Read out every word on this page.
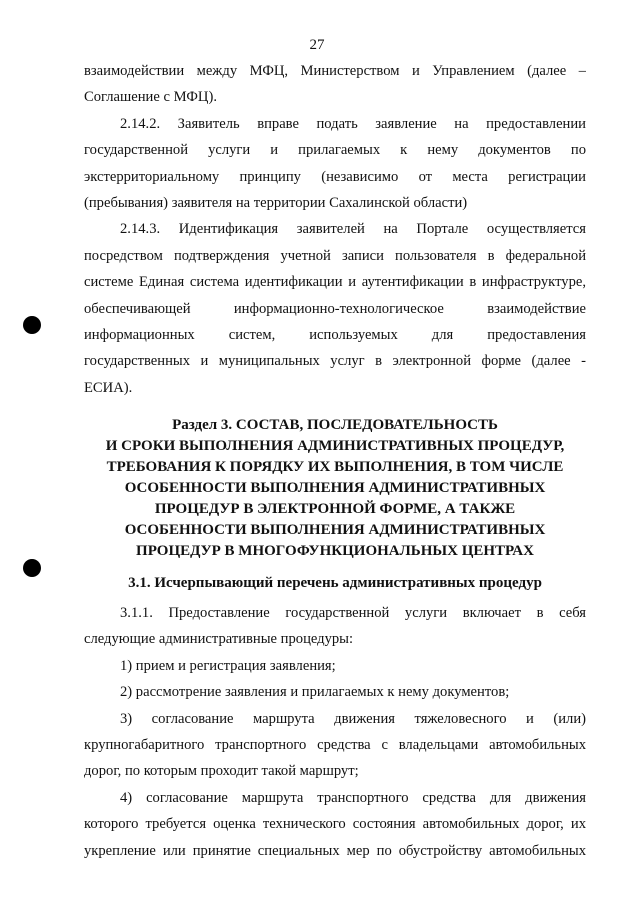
27
взаимодействии между МФЦ, Министерством и Управлением (далее –
Соглашение с МФЦ).
2.14.2. Заявитель вправе подать заявление на предоставлении
государственной услуги и прилагаемых к нему документов по
экстерриториальному принципу (независимо от места регистрации
(пребывания) заявителя на территории Сахалинской области)
2.14.3. Идентификация заявителей на Портале осуществляется
посредством подтверждения учетной записи пользователя в федеральной
системе Единая система идентификации и аутентификации в инфраструктуре,
обеспечивающей информационно-технологическое взаимодействие
информационных систем, используемых для предоставления
государственных и муниципальных услуг в электронной форме (далее -
ЕСИА).
Раздел 3. СОСТАВ, ПОСЛЕДОВАТЕЛЬНОСТЬ
И СРОКИ ВЫПОЛНЕНИЯ АДМИНИСТРАТИВНЫХ ПРОЦЕДУР,
ТРЕБОВАНИЯ К ПОРЯДКУ ИХ ВЫПОЛНЕНИЯ, В ТОМ ЧИСЛЕ
ОСОБЕННОСТИ ВЫПОЛНЕНИЯ АДМИНИСТРАТИВНЫХ
ПРОЦЕДУР В ЭЛЕКТРОННОЙ ФОРМЕ, А ТАКЖЕ
ОСОБЕННОСТИ ВЫПОЛНЕНИЯ АДМИНИСТРАТИВНЫХ
ПРОЦЕДУР В МНОГОФУНКЦИОНАЛЬНЫХ ЦЕНТРАХ
3.1. Исчерпывающий перечень административных процедур
3.1.1. Предоставление государственной услуги включает в себя
следующие административные процедуры:
1) прием и регистрация заявления;
2) рассмотрение заявления и прилагаемых к нему документов;
3) согласование маршрута движения тяжеловесного и (или)
крупногабаритного транспортного средства с владельцами автомобильных
дорог, по которым проходит такой маршрут;
4) согласование маршрута транспортного средства для движения
которого требуется оценка технического состояния автомобильных дорог, их
укрепление или принятие специальных мер по обустройству автомобильных
